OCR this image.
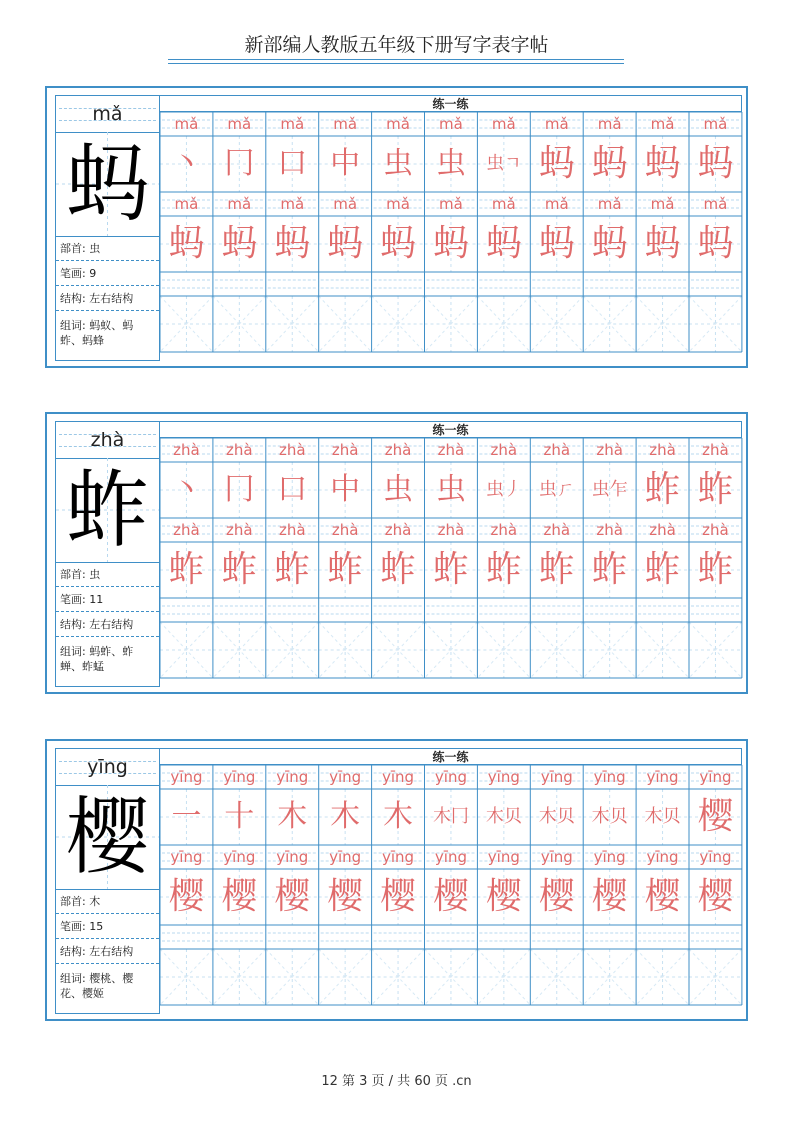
新部编人教版五年级下册写字表字帖
mǎ
蚂
部首: 虫
笔画: 9
结构: 左右结构
组词: 蚂蚁、蚂
蚱、蚂蜂
练一练
mǎ	mǎ	mǎ	mǎ	mǎ	mǎ	mǎ	mǎ	mǎ	mǎ	mǎ
丶 冂 口 中 虫 虫	虫ㄱ 蚂 蚂 蚂 蚂
mǎ	mǎ	mǎ	mǎ	mǎ	mǎ	mǎ	mǎ	mǎ	mǎ	mǎ
蚂 蚂 蚂 蚂 蚂 蚂 蚂 蚂 蚂 蚂 蚂
zhà
蚱
部首: 虫
笔画: 11
结构: 左右结构
组词: 蚂蚱、蚱
蝉、蚱蜢
练一练
zhà	zhà	zhà	zhà	zhà	zhà	zhà	zhà	zhà	zhà	zhà
丶 冂 口 中 虫 虫	虫丿 虫ㄏ 虫乍 蚱 蚱
zhà	zhà	zhà	zhà	zhà	zhà	zhà	zhà	zhà	zhà	zhà
蚱 蚱 蚱 蚱 蚱 蚱 蚱 蚱 蚱 蚱 蚱
yīng
樱
部首: 木
笔画: 15
结构: 左右结构
组词: 樱桃、樱
花、樱姬
练一练
yīng	yīng	yīng	yīng	yīng	yīng	yīng	yīng	yīng	yīng	yīng
一 十 木 木 木	木冂 木贝 木贝 木贝 木贝 樱
yīng	yīng	yīng	yīng	yīng	yīng	yīng	yīng	yīng	yīng	yīng
樱 樱 樱 樱 樱 樱 樱 樱 樱 樱 樱
12 第 3 页 / 共 60 页 .cn
